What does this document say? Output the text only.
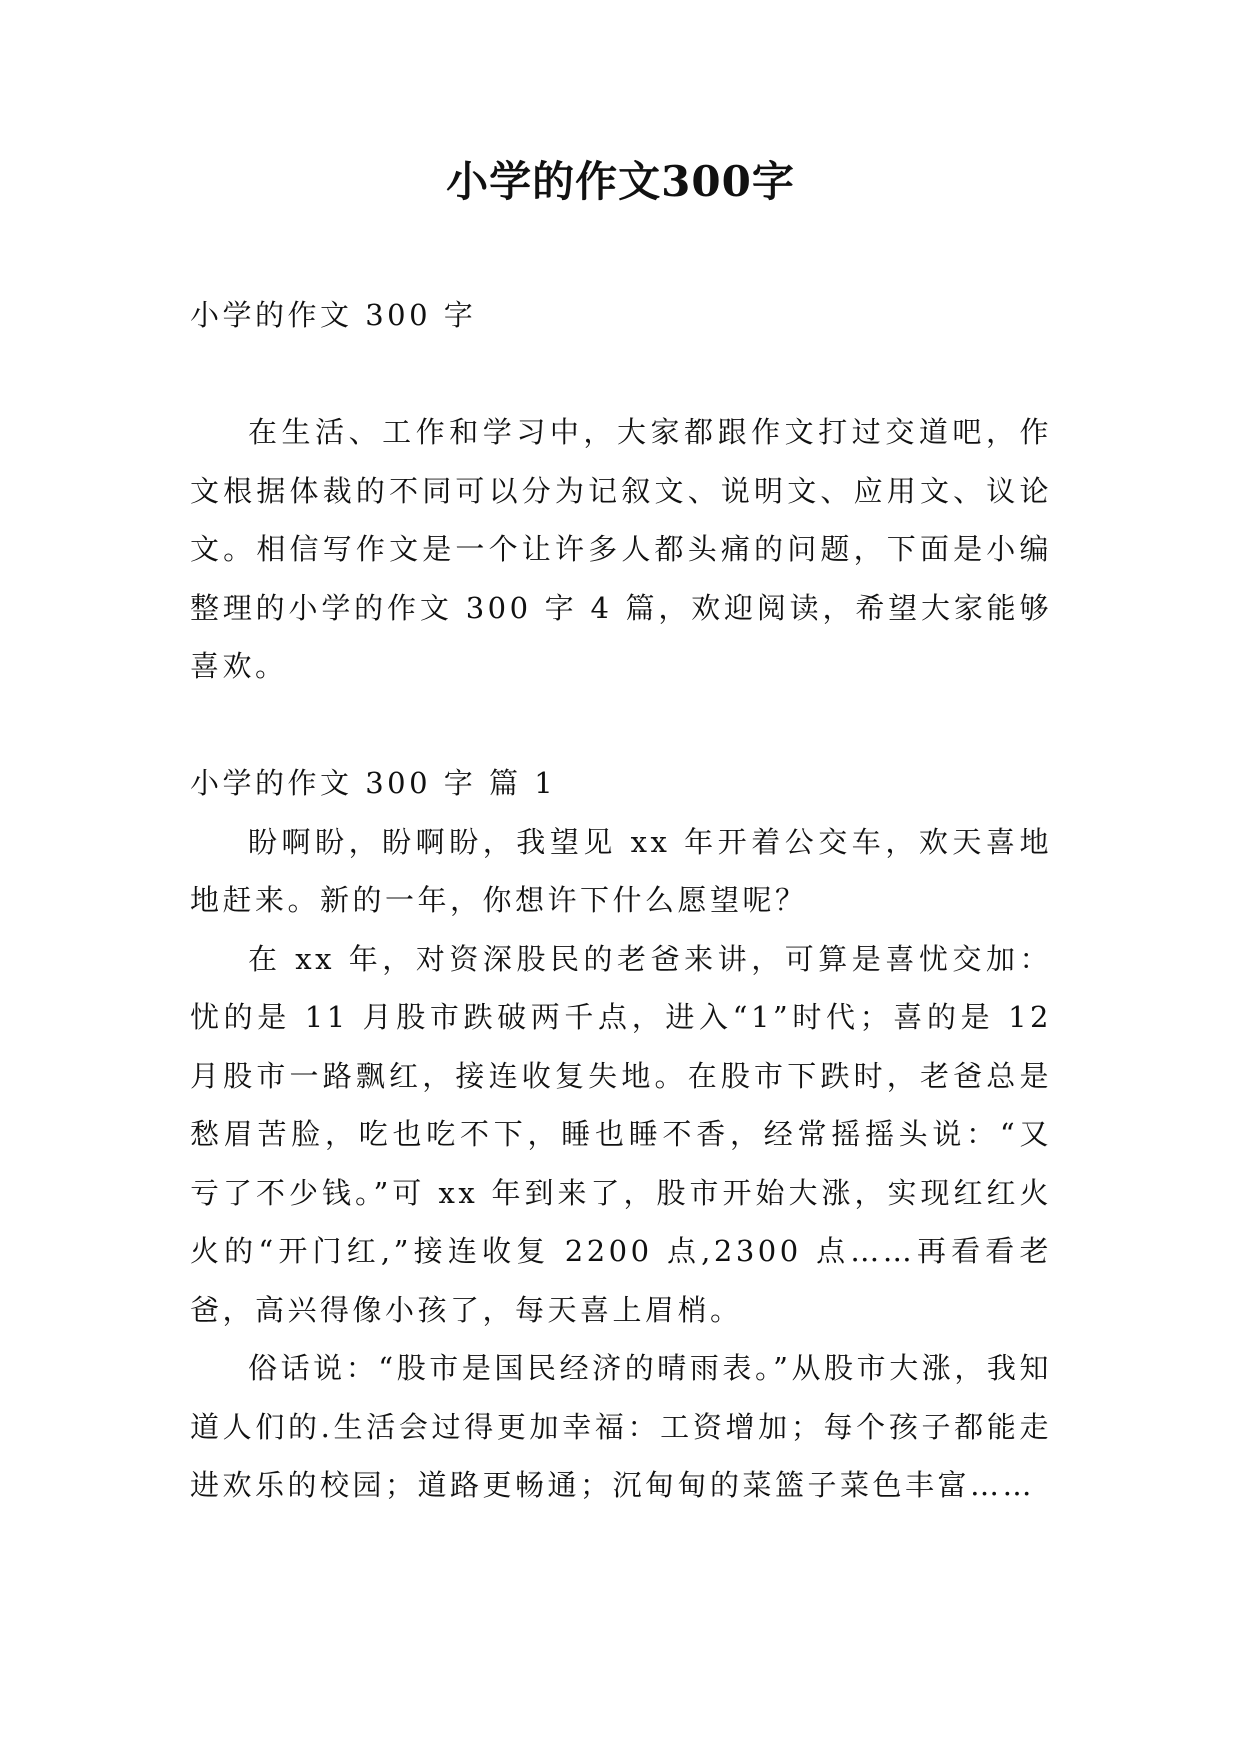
小学的作文300字
小学的作文 300 字

在生活、工作和学习中，大家都跟作文打过交道吧，作文根据体裁的不同可以分为记叙文、说明文、应用文、议论文。相信写作文是一个让许多人都头痛的问题，下面是小编整理的小学的作文 300 字 4 篇，欢迎阅读，希望大家能够喜欢。

小学的作文 300 字 篇 1

盼啊盼，盼啊盼，我望见 xx 年开着公交车，欢天喜地地赶来。新的一年，你想许下什么愿望呢？

在 xx 年，对资深股民的老爸来讲，可算是喜忧交加：忧的是 11 月股市跌破两千点，进入“1”时代；喜的是 12 月股市一路飘红，接连收复失地。在股市下跌时，老爸总是愁眉苦脸，吃也吃不下，睡也睡不香，经常摇摇头说：“又亏了不少钱。”可 xx 年到来了，股市开始大涨，实现红红火火的“开门红,”接连收复 2200 点,2300 点……再看看老爸，高兴得像小孩了，每天喜上眉梢。

俗话说：“股市是国民经济的晴雨表。”从股市大涨，我知道人们的.生活会过得更加幸福：工资增加；每个孩子都能走进欢乐的校园；道路更畅通；沉甸甸的菜篮子菜色丰富……
